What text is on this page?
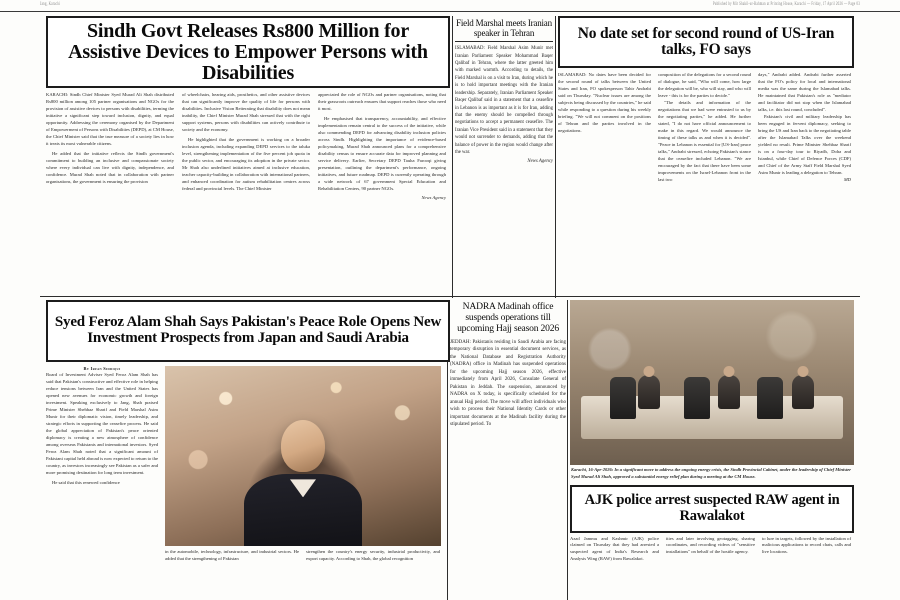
Jang, Karachi	Published by Mir Shakil-ur-Rahman at Printing House, Karachi — Friday, 17 April 2026 — Page 03
Sindh Govt Releases Rs800 Million for Assistive Devices to Empower Persons with Disabilities

KARACHI: Sindh Chief Minister Syed Murad Ali Shah distributed Rs800 million among 105 partner organisations and NGOs for the provision of assistive devices to persons with disabilities, terming the initiative a significant step toward inclusion, dignity, and equal opportunity. Addressing the ceremony organised by the Department of Empowerment of Persons with Disabilities (DEPD), at CM House, the Chief Minister said that the true measure of a society lies in how it treats its most vulnerable citizens.

He added that the initiative reflects the Sindh government's commitment to building an inclusive and compassionate society where every individual can live with dignity, independence, and confidence. Murad Shah noted that in collaboration with partner organisations, the government is ensuring the provision

of wheelchairs, hearing aids, prosthetics, and other assistive devices that can significantly improve the quality of life for persons with disabilities. Inclusive Vision Reiterating that disability does not mean inability, the Chief Minister Murad Shah stressed that with the right support systems, persons with disabilities can actively contribute to society and the economy.

He highlighted that the government is working on a broader inclusion agenda, including expanding DEPD services to the taluka level, strengthening implementation of the five percent job quota in the public sector, and encouraging its adoption in the private sector. Mr Shah also underlined initiatives aimed at inclusive education, teacher capacity-building in collaboration with international partners, and enhanced coordination for autism rehabilitation centres across federal and provincial levels. The Chief Minister

appreciated the role of NGOs and partner organisations, noting that their grassroots outreach ensures that support reaches those who need it most.

He emphasised that transparency, accountability, and effective implementation remain central to the success of the initiative, while also commending DEPD for advancing disability inclusion policies across Sindh. Highlighting the importance of evidence-based policymaking, Murad Shah announced plans for a comprehensive disability census to ensure accurate data for improved planning and service delivery. Earlier, Secretary DEPD Tauha Farooqi giving presentation, outlining the department's performance, ongoing initiatives, and future roadmap. DEPD is currently operating through a wide network of 67 government Special Education and Rehabilitation Centers, 90 partner NGOs.

News Agency
Field Marshal meets Iranian speaker in Tehran

ISLAMABAD: Field Marshal Asim Munir met Iranian Parliament Speaker Mohammad Baqer Qalibaf in Tehran, where the latter greeted him with marked warmth. According to details, the Field Marshal is on a visit to Iran, during which he is to hold important meetings with the Iranian leadership. Separately, Iranian Parliament Speaker Baqer Qalibaf said in a statement that a ceasefire in Lebanon is as important as it is for Iran, adding that the enemy should be compelled through negotiations to accept a permanent ceasefire. The Iranian Vice President said in a statement that they would not surrender to demands, adding that the balance of power in the region would change after the war.

News Agency
No date set for second round of US-Iran talks, FO says

ISLAMABAD: No dates have been decided for the second round of talks between the United States and Iran, FO spokesperson Tahir Andrabi said on Thursday. "Nuclear issues are among the subjects being discussed by the countries," he said while responding to a question during his weekly briefing. "We will not comment on the positions of Tehran and the parties involved in the negotiations.

composition of the delegations for a second round of dialogue, he said, "Who will come, how large the delegation will be, who will stay, and who will leave - this is for the parties to decide."

"The details and information of the negotiations that we had were entrusted to us by the negotiating parties," he added. He further stated, "I do not have official announcement to make in this regard. We would announce the timing of these talks as and when it is decided". "Peace in Lebanon is essential for [US-Iran] peace talks," Andrabi stressed, echoing Pakistan's stance that the ceasefire included Lebanon. "We are encouraged by the fact that there have been some improvements on the Israel-Lebanon front in the last two

days," Andrabi added. Andrabi further asserted that the FO's policy for local and international media was the same during the Islamabad talks. He maintained that Pakistan's role as "mediator and facilitator did not stop when the Islamabad talks, i.e. this last round, concluded".

Pakistan's civil and military leadership has been engaged in fervent diplomacy, seeking to bring the US and Iran back to the negotiating table after the Islamabad Talks over the weekend yielded no result. Prime Minister Shehbaz Sharif is on a four-day tour to Riyadh, Doha and Istanbul, while Chief of Defence Forces (CDF) and Chief of the Army Staff Field Marshal Syed Asim Munir is leading a delegation to Tehran.

MD
Syed Feroz Alam Shah Says Pakistan's Peace Role Opens New Investment Prospects from Japan and Saudi Arabia
By Irfan Siddiqui

Board of Investment Adviser Syed Feroz Alam Shah has said that Pakistan's constructive and effective role in helping reduce tensions between Iran and the United States has opened new avenues for economic growth and foreign investment. Speaking exclusively to Jang, Shah praised Prime Minister Shehbaz Sharif and Field Marshal Asim Munir for their diplomatic vision, timely leadership, and strategic efforts in supporting the ceasefire process. He said the global appreciation of Pakistan's peace oriented diplomacy is creating a new atmosphere of confidence among overseas Pakistanis and international investors. Syed Feroz Alam Shah noted that a significant amount of Pakistani capital held abroad is now expected to return to the country, as investors increasingly see Pakistan as a safer and more promising destination for long term investment.

He said that this renewed confidence

in the automobile, technology, infrastructure, and industrial sectors. He added that the strengthening of Pakistan

strengthen the country's energy security, industrial productivity, and export capacity. According to Shah, the global recognition

NADRA Madinah office suspends operations till upcoming Hajj season 2026

JEDDAH: Pakistanis residing in Saudi Arabia are facing temporary disruption in essential document services, as the National Database and Registration Authority (NADRA) office in Madinah has suspended operations for the upcoming Hajj season 2026, effective immediately from April 2026, Consulate General of Pakistan in Jeddah. The suspension, announced by NADRA on X today, is specifically scheduled for the annual Hajj period. The move will affect individuals who wish to process their National Identity Cards or other important documents at the Madinah facility during the stipulated period. To

Karachi, 16-Apr-2026: In a significant move to address the ongoing energy crisis, the Sindh Provincial Cabinet, under the leadership of Chief Minister Syed Murad Ali Shah, approved a substantial energy relief plan during a meeting at the CM House.
AJK police arrest suspected RAW agent in Rawalakot

Azad Jammu and Kashmir (AJK) police claimed on Thursday that they had arrested a suspected agent of India's Research and Analysis Wing (RAW) from Rawalakot.

ities and later involving geotagging, sharing coordinates, and recording videos of "sensitive installations" on behalf of the hostile agency.

to lure in targets, followed by the installation of malicious applications to record chats, calls and live locations.
